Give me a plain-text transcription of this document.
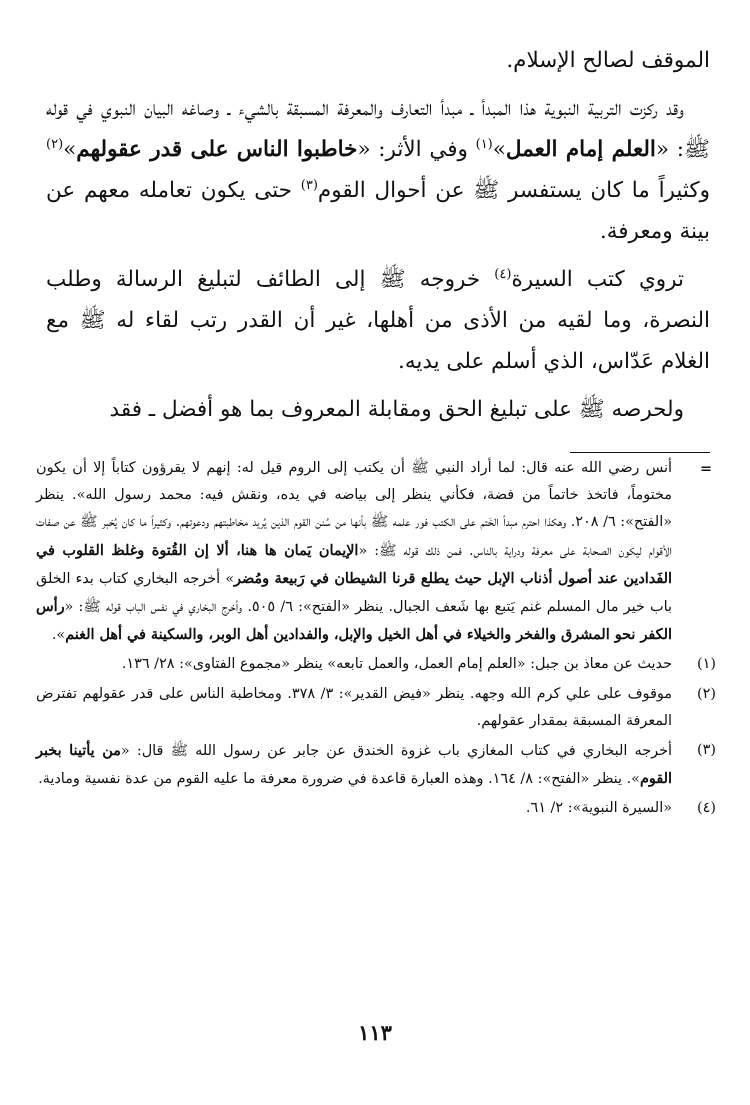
الموقف لصالح الإسلام.

وقد ركزت التربية النبوية هذا المبدأ ـ مبدأ التعارف والمعرفة المسبقة بالشيء ـ وصاغه البيان النبوي في قوله ﷺ: «العلم إمام العمل»$^{(١)}$ وفي الأثر: «خاطبوا الناس على قدر عقولهم»$^{(٢)}$ وكثيراً ما كان يستفسر ﷺ عن أحوال القوم$^{(٣)}$ حتى يكون تعامله معهم عن بينة ومعرفة.

تروي كتب السيرة$^{(٤)}$ خروجه ﷺ إلى الطائف لتبليغ الرسالة وطلب النصرة، وما لقيه من الأذى من أهلها، غير أن القدر رتب لقاء له ﷺ مع الغلام عَدّاس، الذي أسلم على يديه.

ولحرصه ﷺ على تبليغ الحق ومقابلة المعروف بما هو أفضل ـ فقد

=
أنس رضي الله عنه قال: لما أراد النبي ﷺ أن يكتب إلى الروم قيل له: إنهم لا يقرؤون كتاباً إلا أن يكون مختوماً، فاتخذ خاتماً من فضة، فكأني ينظر إلى بياضه في يده، ونقش فيه: محمد رسول الله». ينظر «الفتح»: ٦/ ٢٠٨. وهكذا احترم مبدأ الخَتم على الكتب فور علمه ﷺ بأنها من سُنن القوم الذين يُريد مخاطبتهم ودعوتهم. وكثيراً ما كان يُخبر ﷺ عن صفات الأقوام ليكون الصحابة على معرفة ودراية بالناس. فمن ذلك قوله ﷺ: «الإيمان يَمان ها هنا، ألا إن القُتوة وغلظ القلوب في الفَدادين عند أصول أذناب الإبل حيث يطلع قرنا الشيطان في رَبيعة ومُضر» أخرجه البخاري كتاب بدء الخلق باب خير مال المسلم غنم يَتبع بها شَعف الجبال. ينظر «الفتح»: ٦/ ٥٠٥. وأخرج البخاري في نفس الباب قوله ﷺ: «رأس الكفر نحو المشرق والفخر والخيلاء في أهل الخيل والإبل، والفدادين أهل الوبر، والسكينة في أهل الغنم».
(١)
حديث عن معاذ بن جبل: «العلم إمام العمل، والعمل تابعه» ينظر «مجموع الفتاوى»: ٢٨/ ١٣٦.
(٢)
موقوف على علي كرم الله وجهه. ينظر «فيض القدير»: ٣/ ٣٧٨. ومخاطبة الناس على قدر عقولهم تفترض المعرفة المسبقة بمقدار عقولهم.
(٣)
أخرجه البخاري في كتاب المغازي باب غزوة الخندق عن جابر عن رسول الله ﷺ قال: «من يأتينا بخبر القوم». ينظر «الفتح»: ٨/ ١٦٤. وهذه العبارة قاعدة في ضرورة معرفة ما عليه القوم من عدة نفسية ومادية.
(٤)
«السيرة النبوية»: ٢/ ٦١.
١١٣
